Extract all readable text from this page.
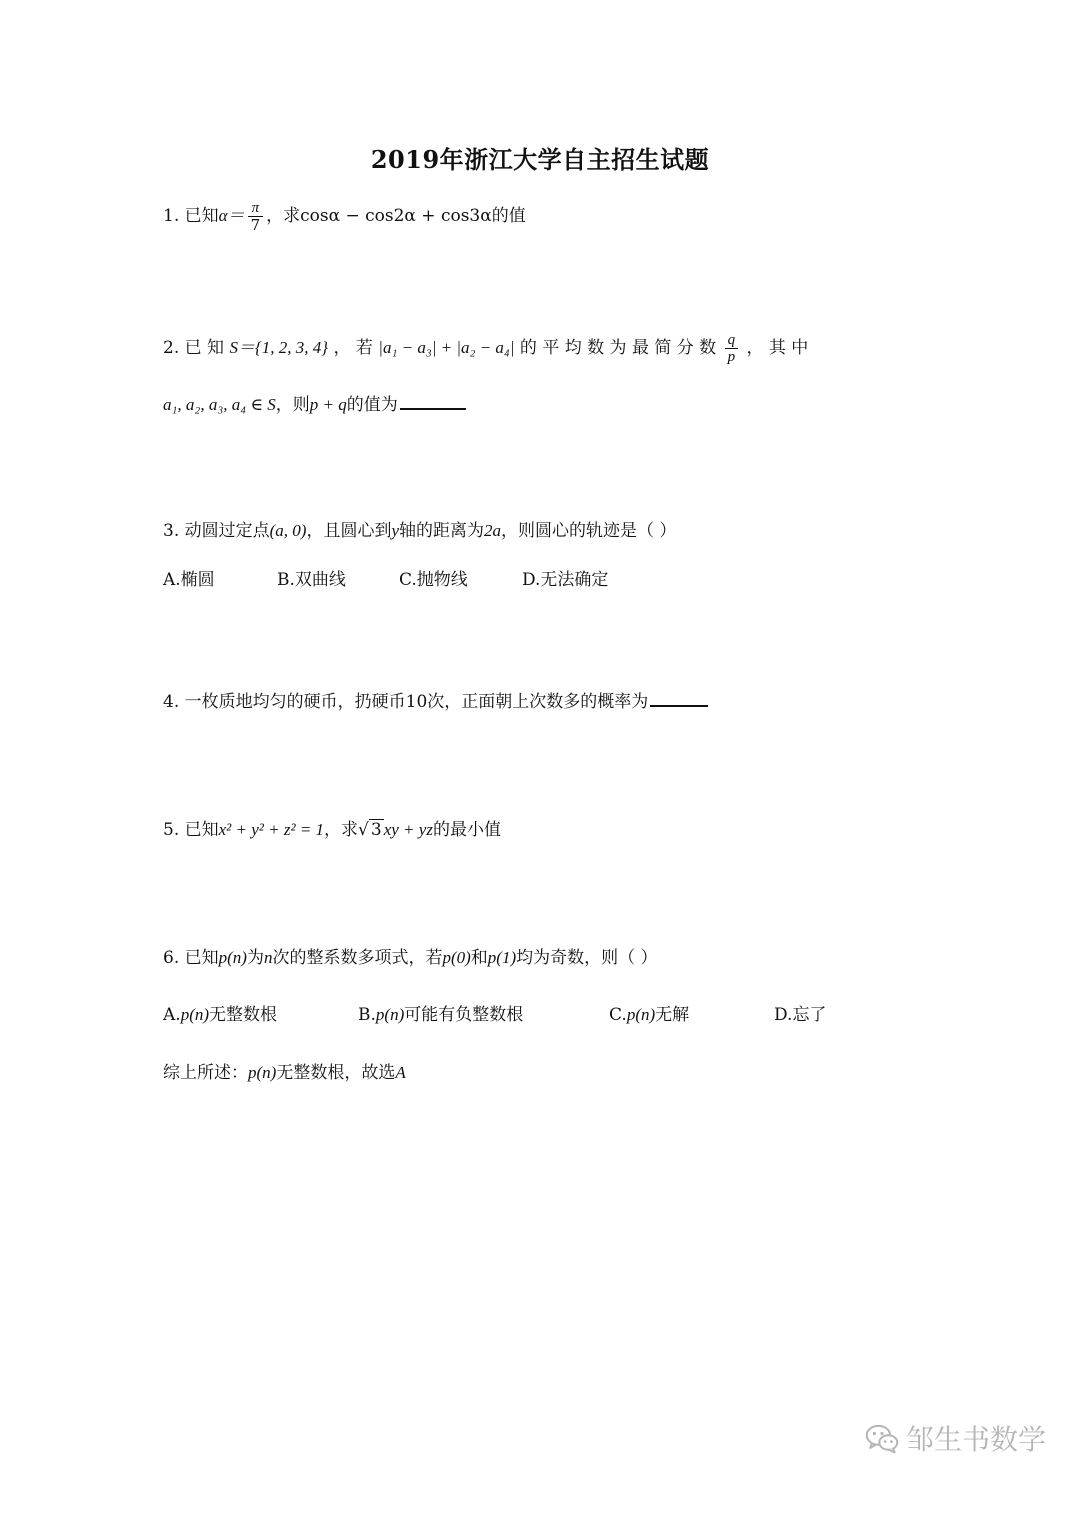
2019年浙江大学自主招生试题
1. 已知$\alpha= \frac{\pi}{7}$ ，求cosα − cos2α + cos3α的值
2. 已 知 S＝{1, 2, 3, 4} ， 若 |a₁ − a₃| + |a₂ − a₄| 的 平 均 数 为 最 简 分 数 $\frac{q}{p}$ ， 其 中
a₁, a₂, a₃, a₄ ∈ S，则p + q的值为
3. 动圆过定点(a, 0)，且圆心到y轴的距离为2a，则圆心的轨迹是（ ）
A.椭圆	B.双曲线	C.抛物线	D.无法确定
4. 一枚质地均匀的硬币，扔硬币10次，正面朝上次数多的概率为
5. 已知x² + y² + z² = 1，求√ 3 xy + yz的最小值
6. 已知p(n)为n次的整系数多项式，若p(0)和p(1)均为奇数，则（ ）
A.p(n)无整数根	B.p(n)可能有负整数根	C.p(n)无解	D.忘了
综上所述：p(n)无整数根，故选A
邹生书数学
